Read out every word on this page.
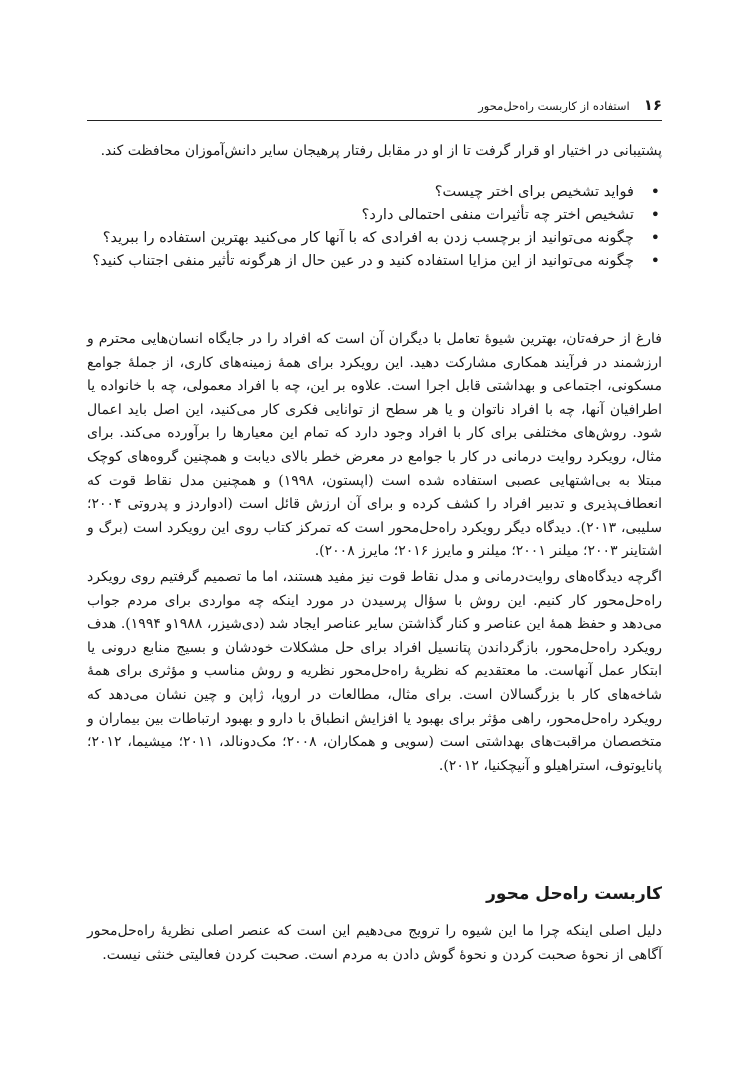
۱۶
استفاده از کاربست راه‌حل‌محور
پشتیبانی در اختیار او قرار گرفت تا از او در مقابل رفتار پرهیجان سایر دانش‌آموزان محافظت کند.
• فواید تشخیص برای اختر چیست؟
• تشخیص اختر چه تأثیرات منفی احتمالی دارد؟
• چگونه می‌توانید از برچسب زدن به افرادی که با آنها کار می‌کنید بهترین استفاده را ببرید؟
• چگونه می‌توانید از این مزایا استفاده کنید و در عین حال از هرگونه تأثیر منفی اجتناب کنید؟

فارغ از حرفه‌تان، بهترین شیوهٔ تعامل با دیگران آن است که افراد را در جایگاه انسان‌هایی محترم و ارزشمند در فرآیند همکاری مشارکت دهید. این رویکرد برای همهٔ زمینه‌های کاری، از جملهٔ جوامع مسکونی، اجتماعی و بهداشتی قابل اجرا است. علاوه بر این، چه با افراد معمولی، چه با خانواده یا اطرافیان آنها، چه با افراد ناتوان و یا هر سطح از توانایی فکری کار می‌کنید، این اصل باید اعمال شود. روش‌های مختلفی برای کار با افراد وجود دارد که تمام این معیارها را برآورده می‌کند. برای مثال، رویکرد روایت درمانی در کار با جوامع در معرض خطر بالای دیابت و همچنین گروه‌های کوچک مبتلا به بی‌اشتهایی عصبی استفاده شده است (اپستون، ۱۹۹۸) و همچنین مدل نقاط قوت که انعطاف‌پذیری و تدبیر افراد را کشف کرده و برای آن ارزش قائل است (ادواردز و پدروتی ۲۰۰۴؛ سلیبی، ۲۰۱۳). دیدگاه دیگر رویکرد راه‌حل‌محور است که تمرکز کتاب روی این رویکرد است (برگ و اشتاینر ۲۰۰۳؛ میلنر ۲۰۰۱؛ میلنر و مایرز ۲۰۱۶؛ مایرز ۲۰۰۸).

اگرچه دیدگاه‌های روایت‌درمانی و مدل نقاط قوت نیز مفید هستند، اما ما تصمیم گرفتیم روی رویکرد راه‌حل‌محور کار کنیم. این روش با سؤال پرسیدن در مورد اینکه چه مواردی برای مردم جواب می‌دهد و حفظ همهٔ این عناصر و کنار گذاشتن سایر عناصر ایجاد شد (دی‌شیزر، ۱۹۸۸و ۱۹۹۴). هدف رویکرد راه‌حل‌محور، بازگرداندن پتانسیل افراد برای حل مشکلات خودشان و بسیج منابع درونی یا ابتکار عمل آنهاست. ما معتقدیم که نظریهٔ راه‌حل‌محور نظریه و روش مناسب و مؤثری برای همهٔ شاخه‌های کار با بزرگسالان است. برای مثال، مطالعات در اروپا، ژاپن و چین نشان می‌دهد که رویکرد راه‌حل‌محور، راهی مؤثر برای بهبود یا افزایش انطباق با دارو و بهبود ارتباطات بین بیماران و متخصصان مراقبت‌های بهداشتی است (سویی و همکاران، ۲۰۰۸؛ مک‌دونالد، ۲۰۱۱؛ میشیما، ۲۰۱۲؛ پانایوتوف، استراهیلو و آنیچکنیا، ۲۰۱۲).

کاربست راه‌حل محور
دلیل اصلی اینکه چرا ما این شیوه را ترویج می‌دهیم این است که عنصر اصلی نظریهٔ راه‌حل‌محور آگاهی از نحوهٔ صحبت کردن و نحوهٔ گوش دادن به مردم است. صحبت کردن فعالیتی خنثی نیست.
